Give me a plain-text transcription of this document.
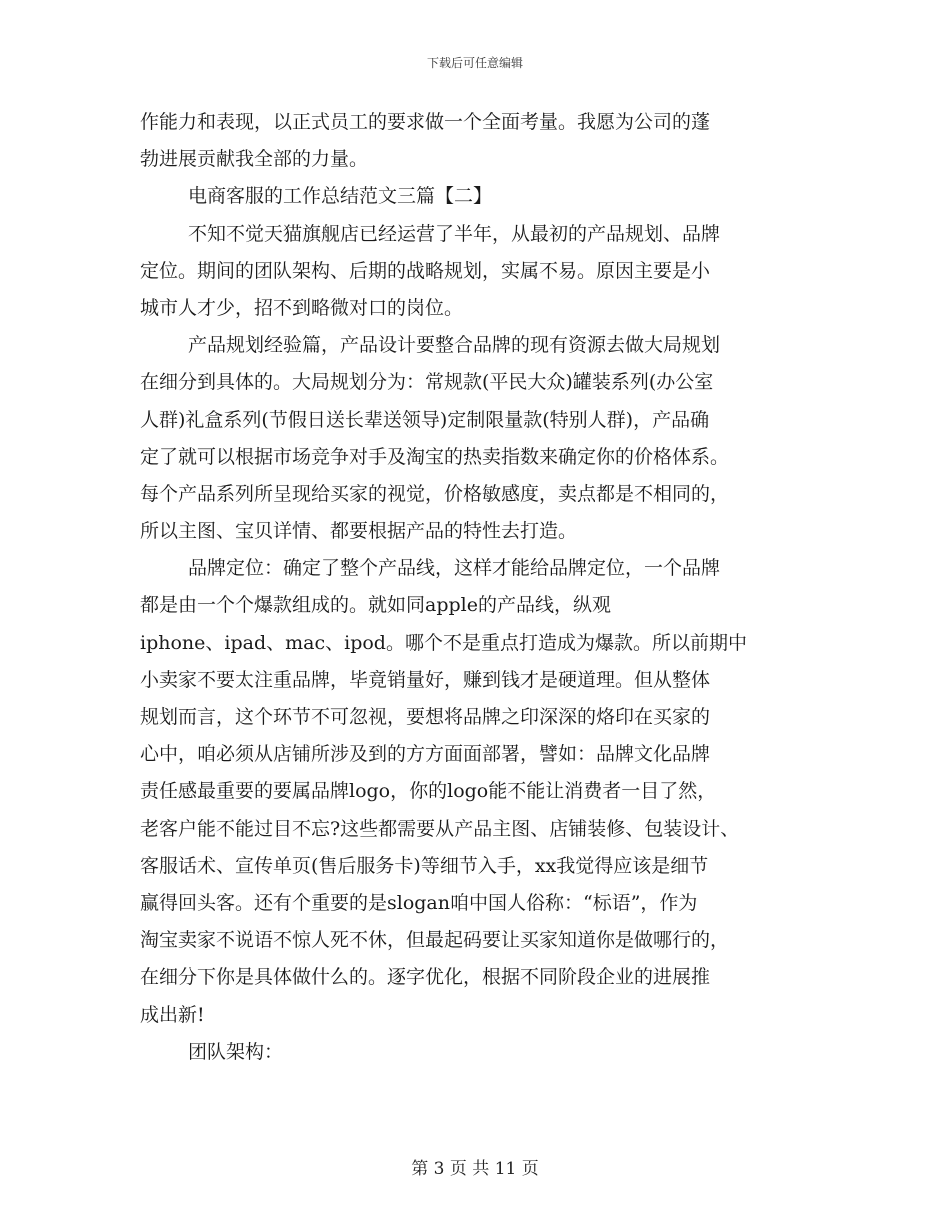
下载后可任意编辑
作能力和表现，以正式员工的要求做一个全面考量。我愿为公司的蓬
勃进展贡献我全部的力量。
电商客服的工作总结范文三篇【二】
不知不觉天猫旗舰店已经运营了半年，从最初的产品规划、品牌
定位。期间的团队架构、后期的战略规划，实属不易。原因主要是小
城市人才少，招不到略微对口的岗位。
产品规划经验篇，产品设计要整合品牌的现有资源去做大局规划
在细分到具体的。大局规划分为：常规款(平民大众)罐装系列(办公室
人群)礼盒系列(节假日送长辈送领导)定制限量款(特别人群)，产品确
定了就可以根据市场竞争对手及淘宝的热卖指数来确定你的价格体系。
每个产品系列所呈现给买家的视觉，价格敏感度，卖点都是不相同的，
所以主图、宝贝详情、都要根据产品的特性去打造。
品牌定位：确定了整个产品线，这样才能给品牌定位，一个品牌
都是由一个个爆款组成的。就如同apple的产品线，纵观
iphone、ipad、mac、ipod。哪个不是重点打造成为爆款。所以前期中
小卖家不要太注重品牌，毕竟销量好，赚到钱才是硬道理。但从整体
规划而言，这个环节不可忽视，要想将品牌之印深深的烙印在买家的
心中，咱必须从店铺所涉及到的方方面面部署，譬如：品牌文化品牌
责任感最重要的要属品牌logo，你的logo能不能让消费者一目了然，
老客户能不能过目不忘?这些都需要从产品主图、店铺装修、包装设计、
客服话术、宣传单页(售后服务卡)等细节入手，xx我觉得应该是细节
赢得回头客。还有个重要的是slogan咱中国人俗称：“标语”，作为
淘宝卖家不说语不惊人死不休，但最起码要让买家知道你是做哪行的，
在细分下你是具体做什么的。逐字优化，根据不同阶段企业的进展推
成出新!
团队架构：
第 3 页 共 11 页
